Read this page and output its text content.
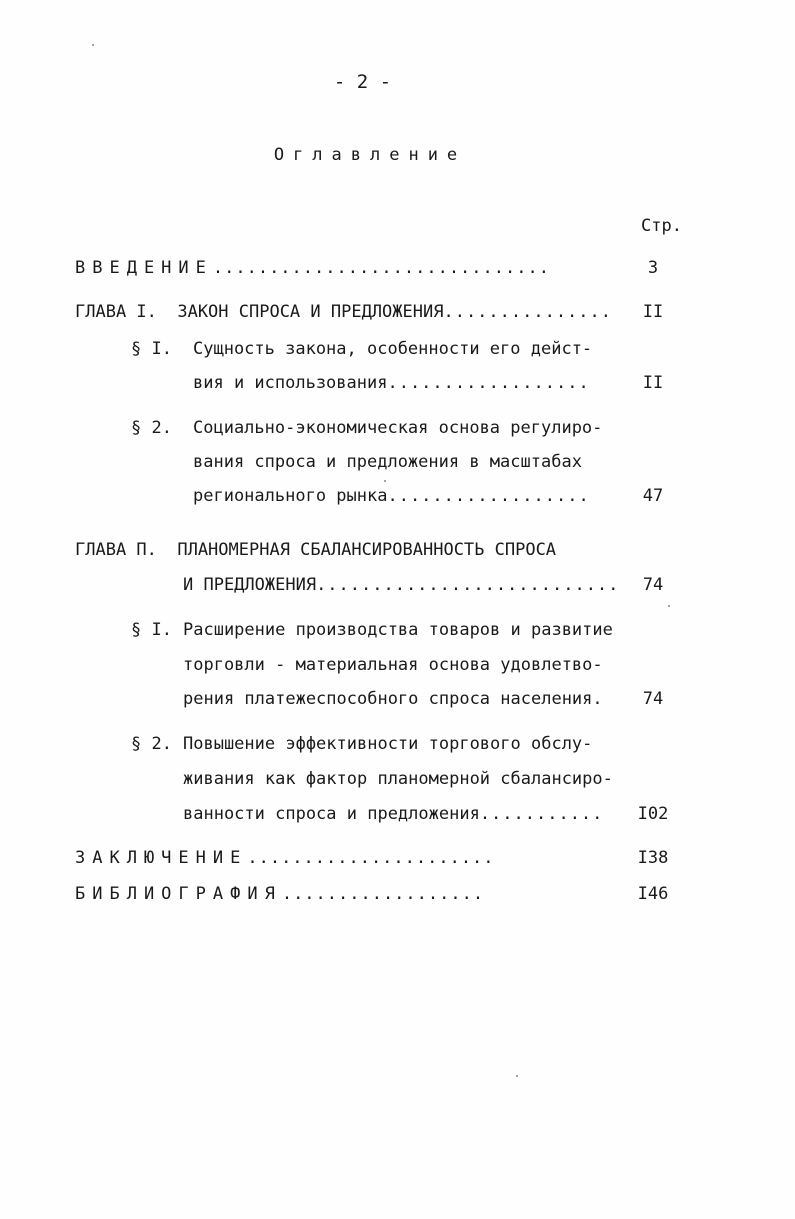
- 2 -
Оглавление
Стр.
ВВЕДЕНИЕ..............................	3
ГЛАВА I.  ЗАКОН СПРОСА И ПРЕДЛОЖЕНИЯ...............	II
§ I. Сущность закона, особенности его дейст-
вия и использования..................	II
§ 2. Социально-экономическая основа регулиро-
вания спроса и предложения в масштабах
регионального рынка..................	47
ГЛАВА П.  ПЛАНОМЕРНАЯ СБАЛАНСИРОВАННОСТЬ СПРОСА
И ПРЕДЛОЖЕНИЯ...........................	74
§ I. Расширение производства товаров и развитие
торговли - материальная основа удовлетво-
рения платежеспособного спроса населения.	74
§ 2. Повышение эффективности торгового обслу-
живания как фактор планомерной сбалансиро-
ванности спроса и предложения...........	I02
ЗАКЛЮЧЕНИЕ......................	I38
БИБЛИОГРАФИЯ..................	I46
